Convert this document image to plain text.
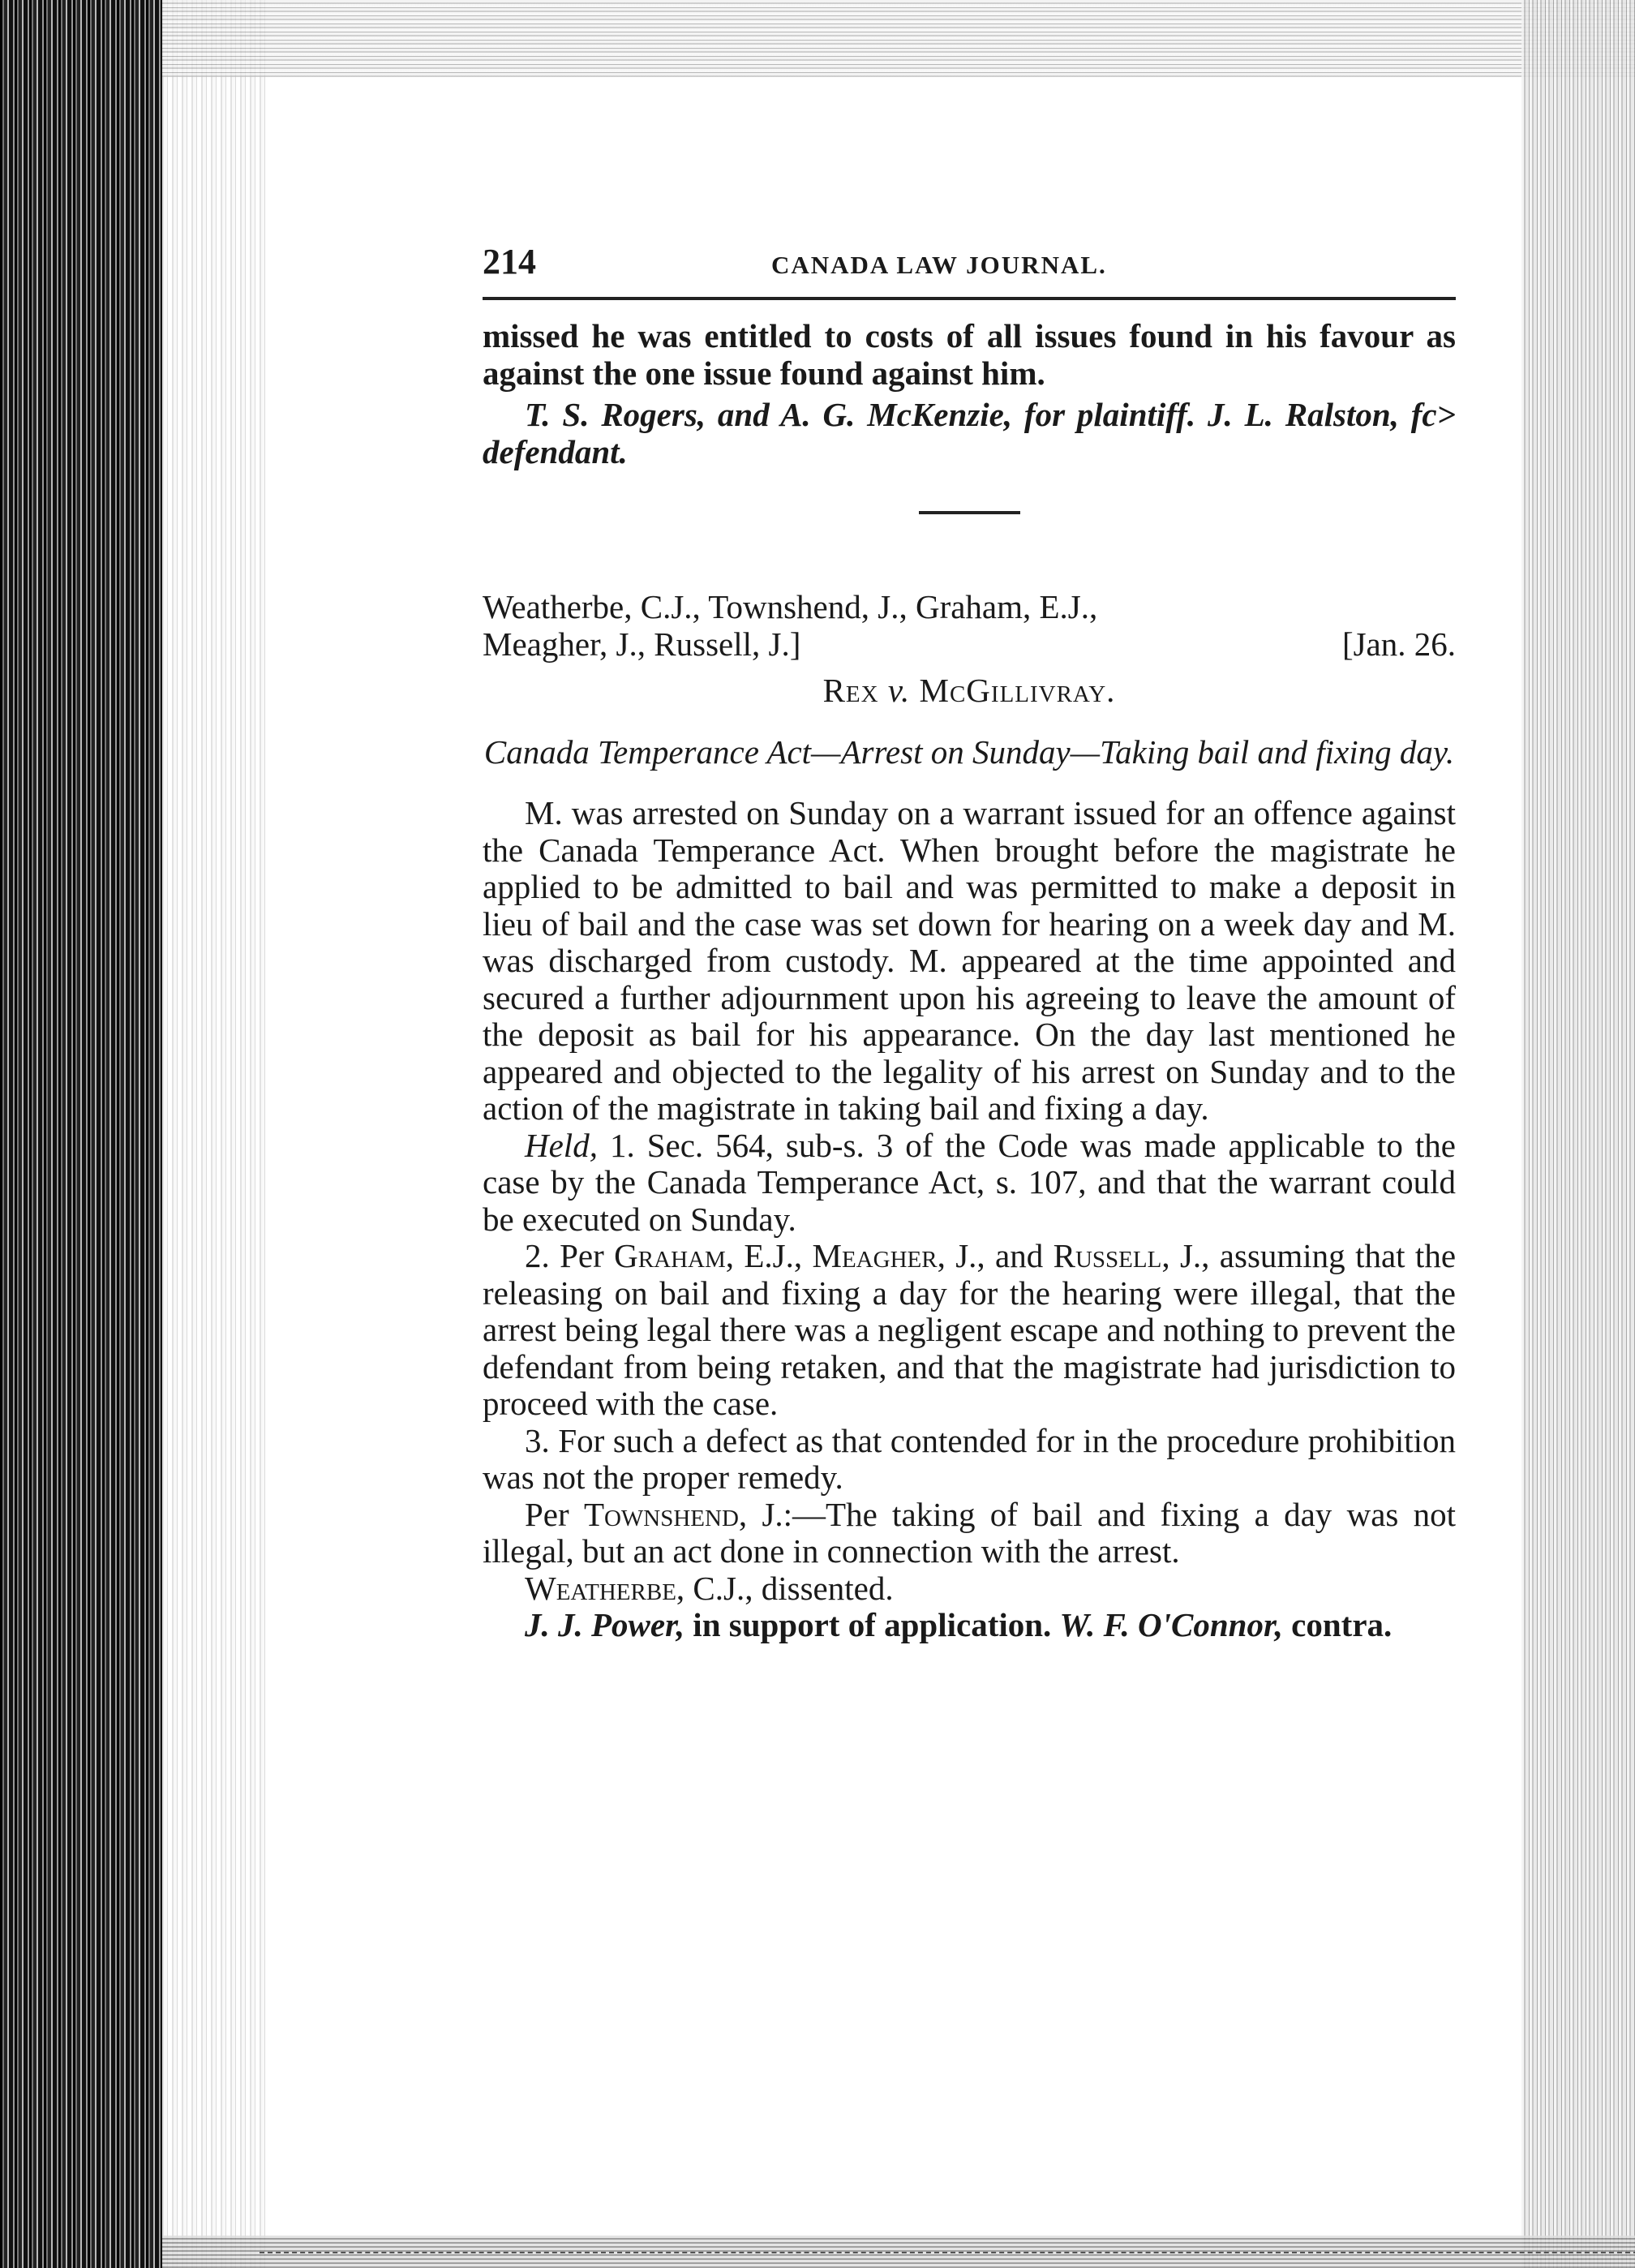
214	CANADA LAW JOURNAL.

missed he was entitled to costs of all issues found in his favour as against the one issue found against him.

T. S. Rogers, and A. G. McKenzie, for plaintiff. J. L. Ralston, fc˃ defendant.

Weatherbe, C.J., Townshend, J., Graham, E.J.,
Meagher, J., Russell, J.]	[Jan. 26.
Rex v. McGillivray.
Canada Temperance Act—Arrest on Sunday—Taking bail and fixing day.

M. was arrested on Sunday on a warrant issued for an offence against the Canada Temperance Act. When brought before the magistrate he applied to be admitted to bail and was permitted to make a deposit in lieu of bail and the case was set down for hearing on a week day and M. was discharged from custody. M. appeared at the time appointed and secured a further adjournment upon his agreeing to leave the amount of the deposit as bail for his appearance. On the day last mentioned he appeared and objected to the legality of his arrest on Sunday and to the action of the magistrate in taking bail and fixing a day.

Held, 1. Sec. 564, sub-s. 3 of the Code was made applicable to the case by the Canada Temperance Act, s. 107, and that the warrant could be executed on Sunday.

2. Per Graham, E.J., Meagher, J., and Russell, J., assuming that the releasing on bail and fixing a day for the hearing were illegal, that the arrest being legal there was a negligent escape and nothing to prevent the defendant from being retaken, and that the magistrate had jurisdiction to proceed with the case.

3. For such a defect as that contended for in the procedure prohibition was not the proper remedy.

Per Townshend, J.:—The taking of bail and fixing a day was not illegal, but an act done in connection with the arrest.

Weatherbe, C.J., dissented.

J. J. Power, in support of application. W. F. O'Connor, contra.
